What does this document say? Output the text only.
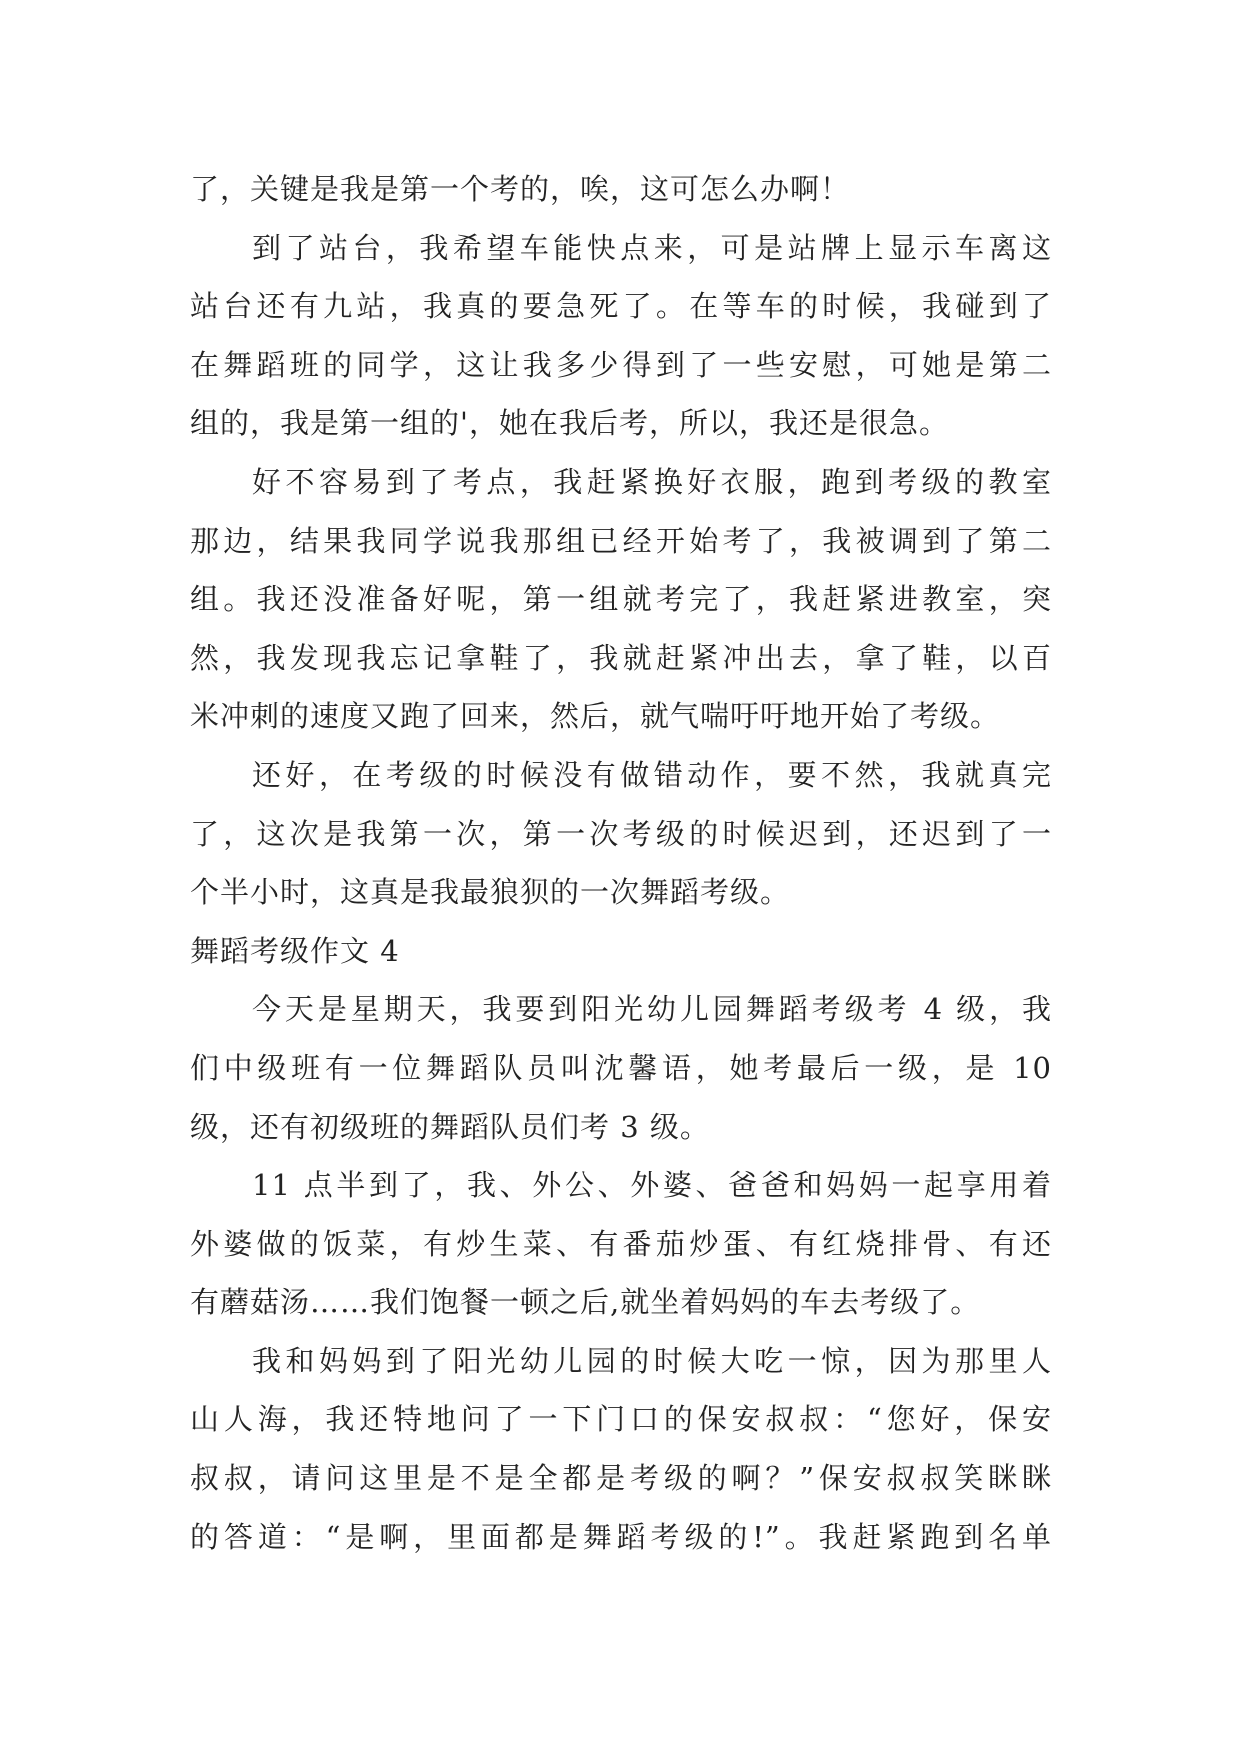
了，关键是我是第一个考的，唉，这可怎么办啊！
到了站台，我希望车能快点来，可是站牌上显示车离这
站台还有九站，我真的要急死了。在等车的时候，我碰到了
在舞蹈班的同学，这让我多少得到了一些安慰，可她是第二
组的，我是第一组的'，她在我后考，所以，我还是很急。
好不容易到了考点，我赶紧换好衣服，跑到考级的教室
那边，结果我同学说我那组已经开始考了，我被调到了第二
组。我还没准备好呢，第一组就考完了，我赶紧进教室，突
然，我发现我忘记拿鞋了，我就赶紧冲出去，拿了鞋，以百
米冲刺的速度又跑了回来，然后，就气喘吁吁地开始了考级。
还好，在考级的时候没有做错动作，要不然，我就真完
了，这次是我第一次，第一次考级的时候迟到，还迟到了一
个半小时，这真是我最狼狈的一次舞蹈考级。
舞蹈考级作文 4
今天是星期天，我要到阳光幼儿园舞蹈考级考 4 级，我
们中级班有一位舞蹈队员叫沈馨语，她考最后一级，是 10
级，还有初级班的舞蹈队员们考 3 级。
11 点半到了，我、外公、外婆、爸爸和妈妈一起享用着
外婆做的饭菜，有炒生菜、有番茄炒蛋、有红烧排骨、有还
有蘑菇汤……我们饱餐一顿之后,就坐着妈妈的车去考级了。
我和妈妈到了阳光幼儿园的时候大吃一惊，因为那里人
山人海，我还特地问了一下门口的保安叔叔：“您好，保安
叔叔，请问这里是不是全都是考级的啊？”保安叔叔笑眯眯
的答道：“是啊，里面都是舞蹈考级的!”。我赶紧跑到名单
